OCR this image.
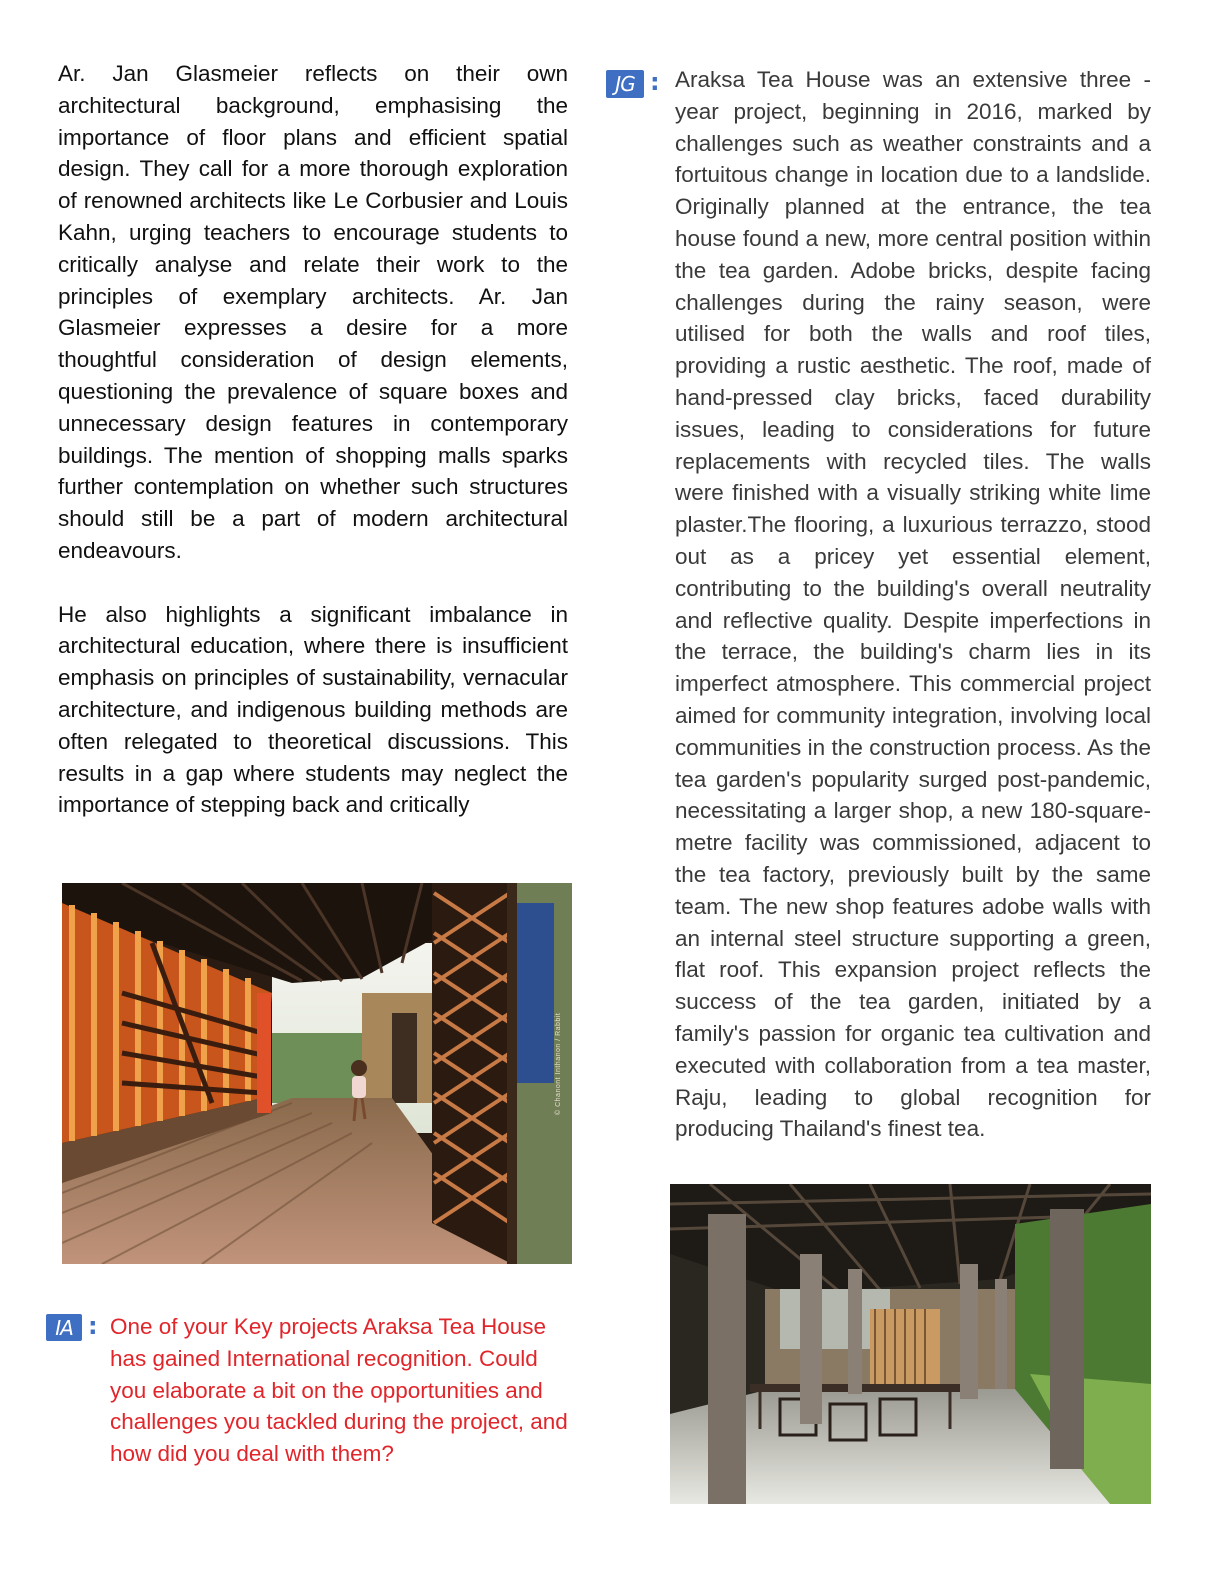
Ar. Jan Glasmeier reflects on their own architectural background, emphasising the importance of floor plans and efficient spatial design. They call for a more thorough exploration of renowned architects like Le Corbusier and Louis Kahn, urging teachers to encourage students to critically analyse and relate their work to the principles of exemplary architects. Ar. Jan Glasmeier expresses a desire for a more thoughtful consideration of design elements, questioning the prevalence of square boxes and unnecessary design features in contemporary buildings. The mention of shopping malls sparks further contemplation on whether such structures should still be a part of modern architectural endeavours.

He also highlights a significant imbalance in architectural education, where there is insufficient emphasis on principles of sustainability, vernacular architecture, and indigenous building methods are often relegated to theoretical discussions. This results in a gap where students may neglect the importance of stepping back and critically

© Chanont Inthanon / Rabbit
IA : One of your Key projects Araksa Tea House has gained International recognition. Could you elaborate a bit on the opportunities and challenges you tackled during the project, and how did you deal with them?
JG : Araksa Tea House was an extensive three -year project, beginning in 2016, marked by challenges such as weather constraints and a fortuitous change in location due to a landslide. Originally planned at the entrance, the tea house found a new, more central position within the tea garden. Adobe bricks, despite facing challenges during the rainy season, were utilised for both the walls and roof tiles, providing a rustic aesthetic. The roof, made of hand-pressed clay bricks, faced durability issues, leading to considerations for future replacements with recycled tiles. The walls were finished with a visually striking white lime plaster.The flooring, a luxurious terrazzo, stood out as a pricey yet essential element, contributing to the building's overall neutrality and reflective quality. Despite imperfections in the terrace, the building's charm lies in its imperfect atmosphere. This commercial project aimed for community integration, involving local communities in the construction process. As the tea garden's popularity surged post-pandemic, necessitating a larger shop, a new 180-square-metre facility was commissioned, adjacent to the tea factory, previously built by the same team. The new shop features adobe walls with an internal steel structure supporting a green, flat roof. This expansion project reflects the success of the tea garden, initiated by a family's passion for organic tea cultivation and executed with collaboration from a tea master, Raju, leading to global recognition for producing Thailand's finest tea.
